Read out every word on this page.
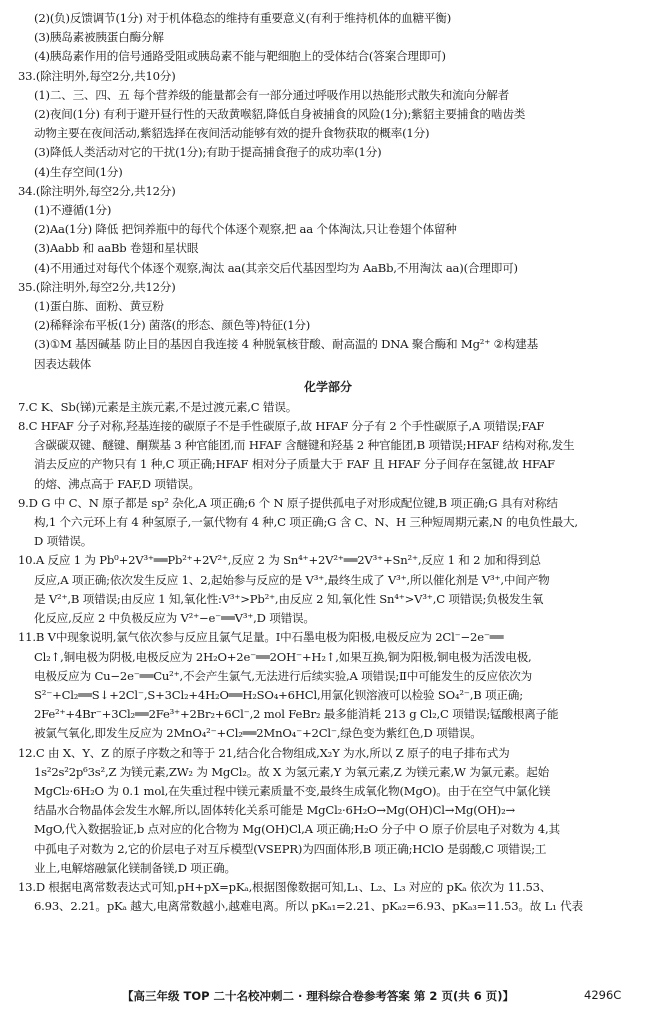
(2)(负)反馈调节(1分) 对于机体稳态的维持有重要意义(有利于维持机体的血糖平衡)
(3)胰岛素被胰蛋白酶分解
(4)胰岛素作用的信号通路受阻或胰岛素不能与靶细胞上的受体结合(答案合理即可)
33.(除注明外,每空2分,共10分)
(1)二、三、四、五 每个营养级的能量都会有一部分通过呼吸作用以热能形式散失和流向分解者
(2)夜间(1分) 有利于避开昼行性的天敌黄喉貂,降低自身被捕食的风险(1分);紫貂主要捕食的啮齿类
动物主要在夜间活动,紫貂选择在夜间活动能够有效的提升食物获取的概率(1分)
(3)降低人类活动对它的干扰(1分);有助于提高捕食孢子的成功率(1分)
(4)生存空间(1分)
34.(除注明外,每空2分,共12分)
(1)不遵循(1分)
(2)Aa(1分) 降低 把饲养瓶中的每代个体逐个观察,把 aa 个体淘汰,只让卷翅个体留种
(3)Aabb 和 aaBb 卷翅和星状眼
(4)不用通过对每代个体逐个观察,淘汰 aa(其亲交后代基因型均为 AaBb,不用淘汰 aa)(合理即可)
35.(除注明外,每空2分,共12分)
(1)蛋白胨、面粉、黄豆粉
(2)稀释涂布平板(1分) 菌落(的形态、颜色等)特征(1分)
(3)①M 基因碱基 防止目的基因自我连接 4 种脱氧核苷酸、耐高温的 DNA 聚合酶和 Mg²⁺ ②构建基
因表达载体
化学部分
7.C K、Sb(锑)元素是主族元素,不是过渡元素,C 错误。
8.C HFAF 分子对称,羟基连接的碳原子不是手性碳原子,故 HFAF 分子有 2 个手性碳原子,A 项错误;FAF
含碳碳双键、醚键、酮羰基 3 种官能团,而 HFAF 含醚键和羟基 2 种官能团,B 项错误;HFAF 结构对称,发生
消去反应的产物只有 1 种,C 项正确;HFAF 相对分子质量大于 FAF 且 HFAF 分子间存在氢键,故 HFAF
的熔、沸点高于 FAF,D 项错误。
9.D G 中 C、N 原子都是 sp² 杂化,A 项正确;6 个 N 原子提供孤电子对形成配位键,B 项正确;G 具有对称结
构,1 个六元环上有 4 种氢原子,一氯代物有 4 种,C 项正确;G 含 C、N、H 三种短周期元素,N 的电负性最大,
D 项错误。
10.A 反应 1 为 Pb⁰+2V³⁺══Pb²⁺+2V²⁺,反应 2 为 Sn⁴⁺+2V²⁺══2V³⁺+Sn²⁺,反应 1 和 2 加和得到总
反应,A 项正确;依次发生反应 1、2,起始参与反应的是 V³⁺,最终生成了 V³⁺,所以催化剂是 V³⁺,中间产物
是 V²⁺,B 项错误;由反应 1 知,氧化性:V³⁺>Pb²⁺,由反应 2 知,氧化性 Sn⁴⁺>V³⁺,C 项错误;负极发生氧
化反应,反应 2 中负极反应为 V²⁺−e⁻══V³⁺,D 项错误。
11.B Ⅴ中现象说明,氯气依次参与反应且氯气足量。Ⅰ中石墨电极为阳极,电极反应为 2Cl⁻−2e⁻══
Cl₂↑,铜电极为阴极,电极反应为 2H₂O+2e⁻══2OH⁻+H₂↑,如果互换,铜为阳极,铜电极为活泼电极,
电极反应为 Cu−2e⁻══Cu²⁺,不会产生氯气,无法进行后续实验,A 项错误;Ⅱ中可能发生的反应依次为
S²⁻+Cl₂══S↓+2Cl⁻,S+3Cl₂+4H₂O══H₂SO₄+6HCl,用氯化钡溶液可以检验 SO₄²⁻,B 项正确;
2Fe²⁺+4Br⁻+3Cl₂══2Fe³⁺+2Br₂+6Cl⁻,2 mol FeBr₂ 最多能消耗 213 g Cl₂,C 项错误;锰酸根离子能
被氯气氧化,即发生反应为 2MnO₄²⁻+Cl₂══2MnO₄⁻+2Cl⁻,绿色变为紫红色,D 项错误。
12.C 由 X、Y、Z 的原子序数之和等于 21,结合化合物组成,X₂Y 为水,所以 Z 原子的电子排布式为
1s²2s²2p⁶3s²,Z 为镁元素,ZW₂ 为 MgCl₂。故 X 为氢元素,Y 为氧元素,Z 为镁元素,W 为氯元素。起始
MgCl₂·6H₂O 为 0.1 mol,在失重过程中镁元素质量不变,最终生成氧化物(MgO)。由于在空气中氯化镁
结晶水合物晶体会发生水解,所以,固体转化关系可能是 MgCl₂·6H₂O→Mg(OH)Cl→Mg(OH)₂→
MgO,代入数据验证,b 点对应的化合物为 Mg(OH)Cl,A 项正确;H₂O 分子中 O 原子价层电子对数为 4,其
中孤电子对数为 2,它的价层电子对互斥模型(VSEPR)为四面体形,B 项正确;HClO 是弱酸,C 项错误;工
业上,电解熔融氯化镁制备镁,D 项正确。
13.D 根据电离常数表达式可知,pH+pX=pKₐ,根据图像数据可知,L₁、L₂、L₃ 对应的 pKₐ 依次为 11.53、
6.93、2.21。pKₐ 越大,电离常数越小,越难电离。所以 pKₐ₁=2.21、pKₐ₂=6.93、pKₐ₃=11.53。故 L₁ 代表
【高三年级 TOP 二十名校冲刺二 · 理科综合卷参考答案 第 2 页(共 6 页)】	4296C
